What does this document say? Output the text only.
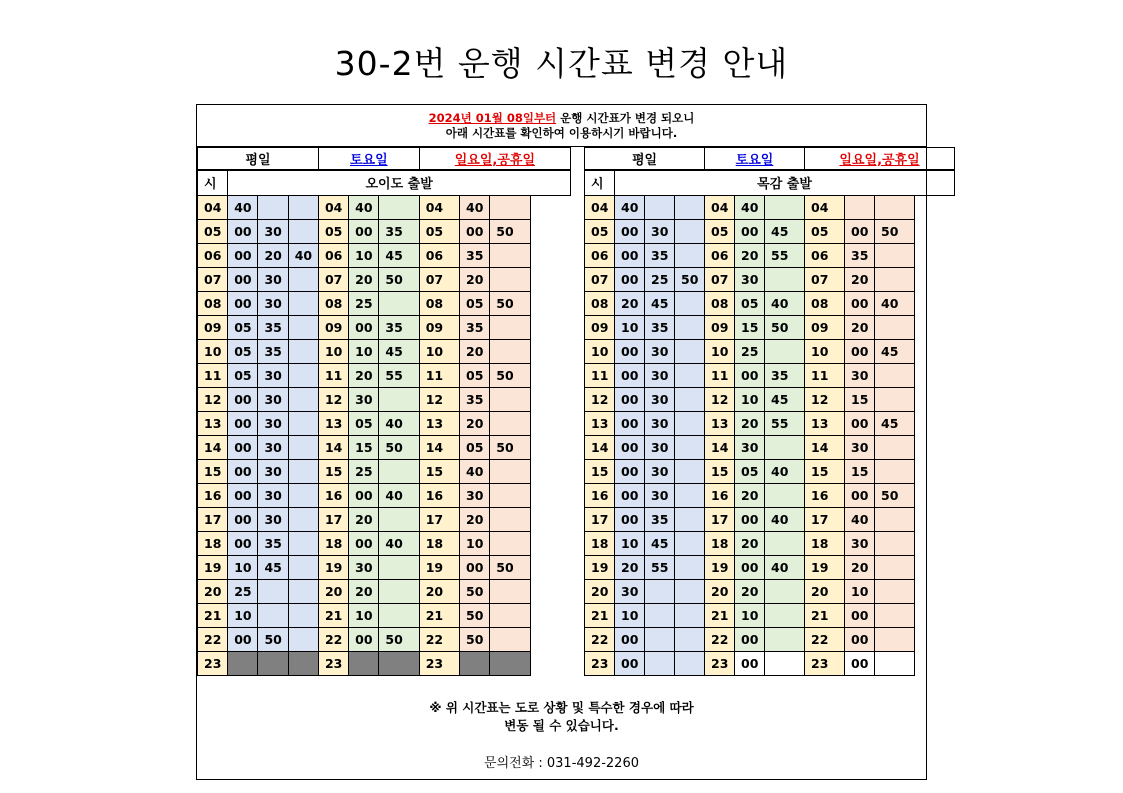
30-2번 운행 시간표 변경 안내
2024년 01월 08일부터 운행 시간표가 변경 되오니
아래 시간표를 확인하여 이용하시기 바랍니다.
평일				토요일			일요일,공휴일		
시	오이도 출발								
04	40			04	40		04	40	
05	00	30		05	00	35	05	00	50
06	00	20	40	06	10	45	06	35	
07	00	30		07	20	50	07	20	
08	00	30		08	25		08	05	50
09	05	35		09	00	35	09	35	
10	05	35		10	10	45	10	20	
11	05	30		11	20	55	11	05	50
12	00	30		12	30		12	35	
13	00	30		13	05	40	13	20	
14	00	30		14	15	50	14	05	50
15	00	30		15	25		15	40	
16	00	30		16	00	40	16	30	
17	00	30		17	20		17	20	
18	00	35		18	00	40	18	10	
19	10	45		19	30		19	00	50
20	25			20	20		20	50	
21	10			21	10		21	50	
22	00	50		22	00	50	22	50	
23				23			23		
평일				토요일			일요일,공휴일		
시	목감 출발								
04	40			04	40		04		
05	00	30		05	00	45	05	00	50
06	00	35		06	20	55	06	35	
07	00	25	50	07	30		07	20	
08	20	45		08	05	40	08	00	40
09	10	35		09	15	50	09	20	
10	00	30		10	25		10	00	45
11	00	30		11	00	35	11	30	
12	00	30		12	10	45	12	15	
13	00	30		13	20	55	13	00	45
14	00	30		14	30		14	30	
15	00	30		15	05	40	15	15	
16	00	30		16	20		16	00	50
17	00	35		17	00	40	17	40	
18	10	45		18	20		18	30	
19	20	55		19	00	40	19	20	
20	30			20	20		20	10	
21	10			21	10		21	00	
22	00			22	00		22	00	
23	00			23	00		23	00	
※ 위 시간표는 도로 상황 및 특수한 경우에 따라
변동 될 수 있습니다.
문의전화 : 031-492-2260
